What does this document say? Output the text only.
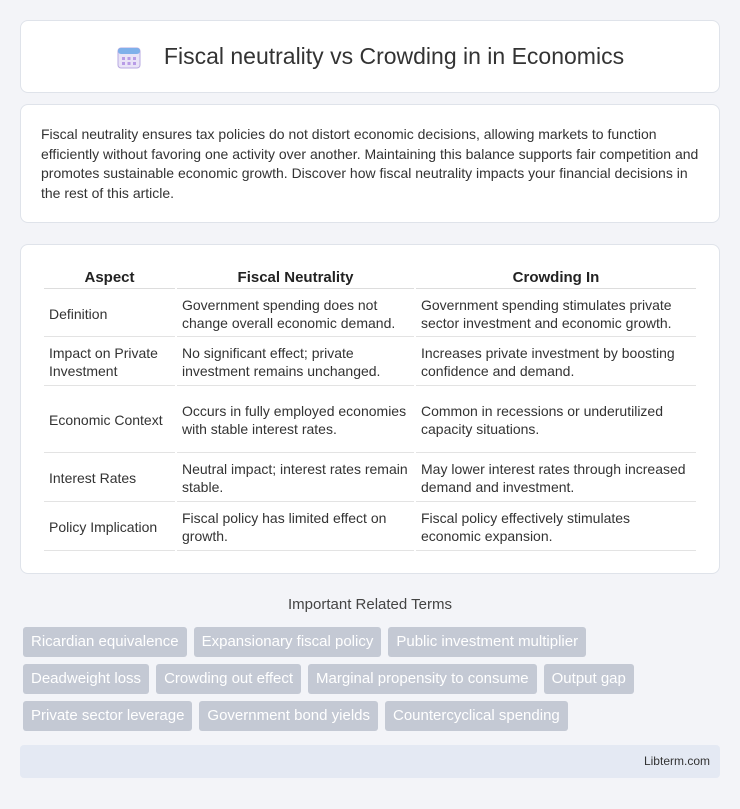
Fiscal neutrality vs Crowding in in Economics

Fiscal neutrality ensures tax policies do not distort economic decisions, allowing markets to function efficiently without favoring one activity over another. Maintaining this balance supports fair competition and promotes sustainable economic growth. Discover how fiscal neutrality impacts your financial decisions in the rest of this article.

Aspect	Fiscal Neutrality	Crowding In
Definition	Government spending does not change overall economic demand.	Government spending stimulates private sector investment and economic growth.
Impact on Private Investment	No significant effect; private investment remains unchanged.	Increases private investment by boosting confidence and demand.
Economic Context	Occurs in fully employed economies with stable interest rates.	Common in recessions or underutilized capacity situations.
Interest Rates	Neutral impact; interest rates remain stable.	May lower interest rates through increased demand and investment.
Policy Implication	Fiscal policy has limited effect on growth.	Fiscal policy effectively stimulates economic expansion.
Important Related Terms
Ricardian equivalence	Expansionary fiscal policy	Public investment multiplier
Deadweight loss	Crowding out effect	Marginal propensity to consume	Output gap
Private sector leverage	Government bond yields	Countercyclical spending
Libterm.com
